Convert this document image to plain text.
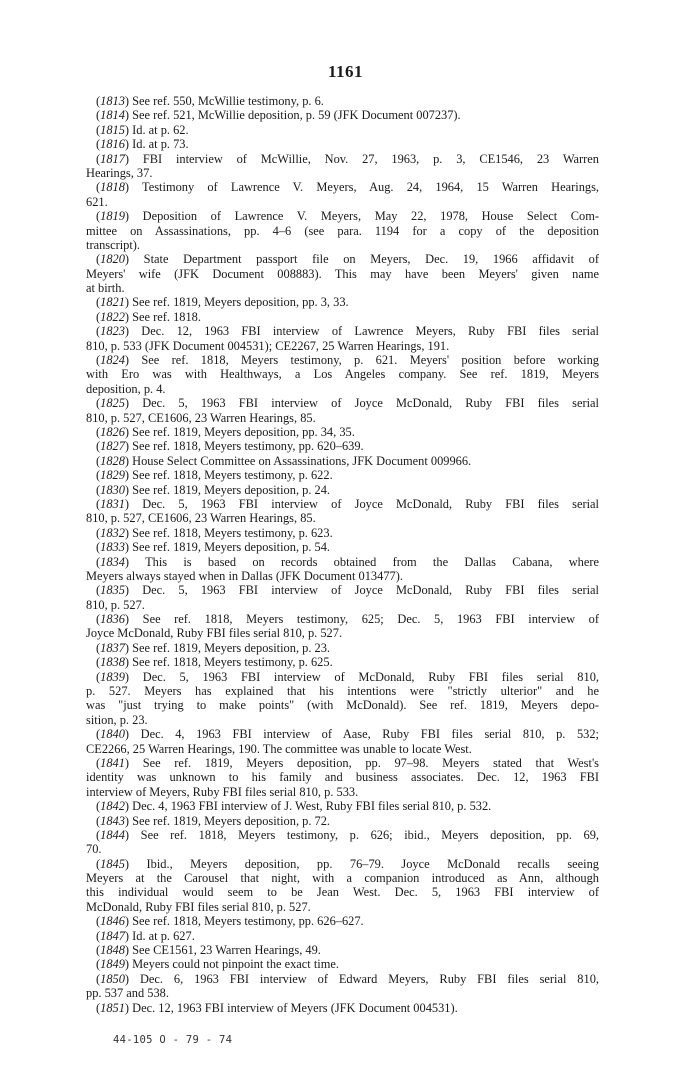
1161
(1813) See ref. 550, McWillie testimony, p. 6.
(1814) See ref. 521, McWillie deposition, p. 59 (JFK Document 007237).
(1815) Id. at p. 62.
(1816) Id. at p. 73.
(1817) FBI interview of McWillie, Nov. 27, 1963, p. 3, CE1546, 23 Warren
Hearings, 37.
(1818) Testimony of Lawrence V. Meyers, Aug. 24, 1964, 15 Warren Hearings,
621.
(1819) Deposition of Lawrence V. Meyers, May 22, 1978, House Select Com-
mittee on Assassinations, pp. 4–6 (see para. 1194 for a copy of the deposition
transcript).
(1820) State Department passport file on Meyers, Dec. 19, 1966 affidavit of
Meyers' wife (JFK Document 008883). This may have been Meyers' given name
at birth.
(1821) See ref. 1819, Meyers deposition, pp. 3, 33.
(1822) See ref. 1818.
(1823) Dec. 12, 1963 FBI interview of Lawrence Meyers, Ruby FBI files serial
810, p. 533 (JFK Document 004531); CE2267, 25 Warren Hearings, 191.
(1824) See ref. 1818, Meyers testimony, p. 621. Meyers' position before working
with Ero was with Healthways, a Los Angeles company. See ref. 1819, Meyers
deposition, p. 4.
(1825) Dec. 5, 1963 FBI interview of Joyce McDonald, Ruby FBI files serial
810, p. 527, CE1606, 23 Warren Hearings, 85.
(1826) See ref. 1819, Meyers deposition, pp. 34, 35.
(1827) See ref. 1818, Meyers testimony, pp. 620–639.
(1828) House Select Committee on Assassinations, JFK Document 009966.
(1829) See ref. 1818, Meyers testimony, p. 622.
(1830) See ref. 1819, Meyers deposition, p. 24.
(1831) Dec. 5, 1963 FBI interview of Joyce McDonald, Ruby FBI files serial
810, p. 527, CE1606, 23 Warren Hearings, 85.
(1832) See ref. 1818, Meyers testimony, p. 623.
(1833) See ref. 1819, Meyers deposition, p. 54.
(1834) This is based on records obtained from the Dallas Cabana, where
Meyers always stayed when in Dallas (JFK Document 013477).
(1835) Dec. 5, 1963 FBI interview of Joyce McDonald, Ruby FBI files serial
810, p. 527.
(1836) See ref. 1818, Meyers testimony, 625; Dec. 5, 1963 FBI interview of
Joyce McDonald, Ruby FBI files serial 810, p. 527.
(1837) See ref. 1819, Meyers deposition, p. 23.
(1838) See ref. 1818, Meyers testimony, p. 625.
(1839) Dec. 5, 1963 FBI interview of McDonald, Ruby FBI files serial 810,
p. 527. Meyers has explained that his intentions were "strictly ulterior" and he
was "just trying to make points" (with McDonald). See ref. 1819, Meyers depo-
sition, p. 23.
(1840) Dec. 4, 1963 FBI interview of Aase, Ruby FBI files serial 810, p. 532;
CE2266, 25 Warren Hearings, 190. The committee was unable to locate West.
(1841) See ref. 1819, Meyers deposition, pp. 97–98. Meyers stated that West's
identity was unknown to his family and business associates. Dec. 12, 1963 FBI
interview of Meyers, Ruby FBI files serial 810, p. 533.
(1842) Dec. 4, 1963 FBI interview of J. West, Ruby FBI files serial 810, p. 532.
(1843) See ref. 1819, Meyers deposition, p. 72.
(1844) See ref. 1818, Meyers testimony, p. 626; ibid., Meyers deposition, pp. 69,
70.
(1845) Ibid., Meyers deposition, pp. 76–79. Joyce McDonald recalls seeing
Meyers at the Carousel that night, with a companion introduced as Ann, although
this individual would seem to be Jean West. Dec. 5, 1963 FBI interview of
McDonald, Ruby FBI files serial 810, p. 527.
(1846) See ref. 1818, Meyers testimony, pp. 626–627.
(1847) Id. at p. 627.
(1848) See CE1561, 23 Warren Hearings, 49.
(1849) Meyers could not pinpoint the exact time.
(1850) Dec. 6, 1963 FBI interview of Edward Meyers, Ruby FBI files serial 810,
pp. 537 and 538.
(1851) Dec. 12, 1963 FBI interview of Meyers (JFK Document 004531).
44-105 O - 79 - 74
